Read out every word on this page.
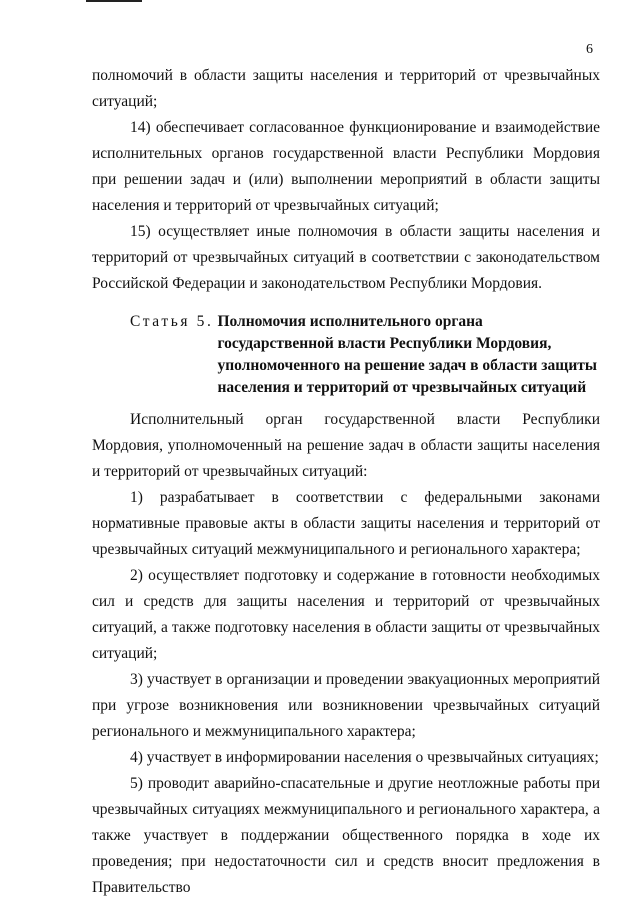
6

полномочий в области защиты населения и территорий от чрезвычайных ситуаций;

14) обеспечивает согласованное функционирование и взаимодействие исполнительных органов государственной власти Республики Мордовия при решении задач и (или) выполнении мероприятий в области защиты населения и территорий от чрезвычайных ситуаций;

15) осуществляет иные полномочия в области защиты населения и территорий от чрезвычайных ситуаций в соответствии с законодательством Российской Федерации и законодательством Республики Мордовия.

Статья 5. Полномочия исполнительного органа государственной власти Республики Мордовия, уполномоченного на решение задач в области защиты населения и территорий от чрезвычайных ситуаций

Исполнительный орган государственной власти Республики Мордовия, уполномоченный на решение задач в области защиты населения и территорий от чрезвычайных ситуаций:

1) разрабатывает в соответствии с федеральными законами нормативные правовые акты в области защиты населения и территорий от чрезвычайных ситуаций межмуниципального и регионального характера;

2) осуществляет подготовку и содержание в готовности необходимых сил и средств для защиты населения и территорий от чрезвычайных ситуаций, а также подготовку населения в области защиты от чрезвычайных ситуаций;

3) участвует в организации и проведении эвакуационных мероприятий при угрозе возникновения или возникновении чрезвычайных ситуаций регионального и межмуниципального характера;

4) участвует в информировании населения о чрезвычайных ситуациях;

5) проводит аварийно-спасательные и другие неотложные работы при чрезвычайных ситуациях межмуниципального и регионального характера, а также участвует в поддержании общественного порядка в ходе их проведения; при недостаточности сил и средств вносит предложения в Правительство
